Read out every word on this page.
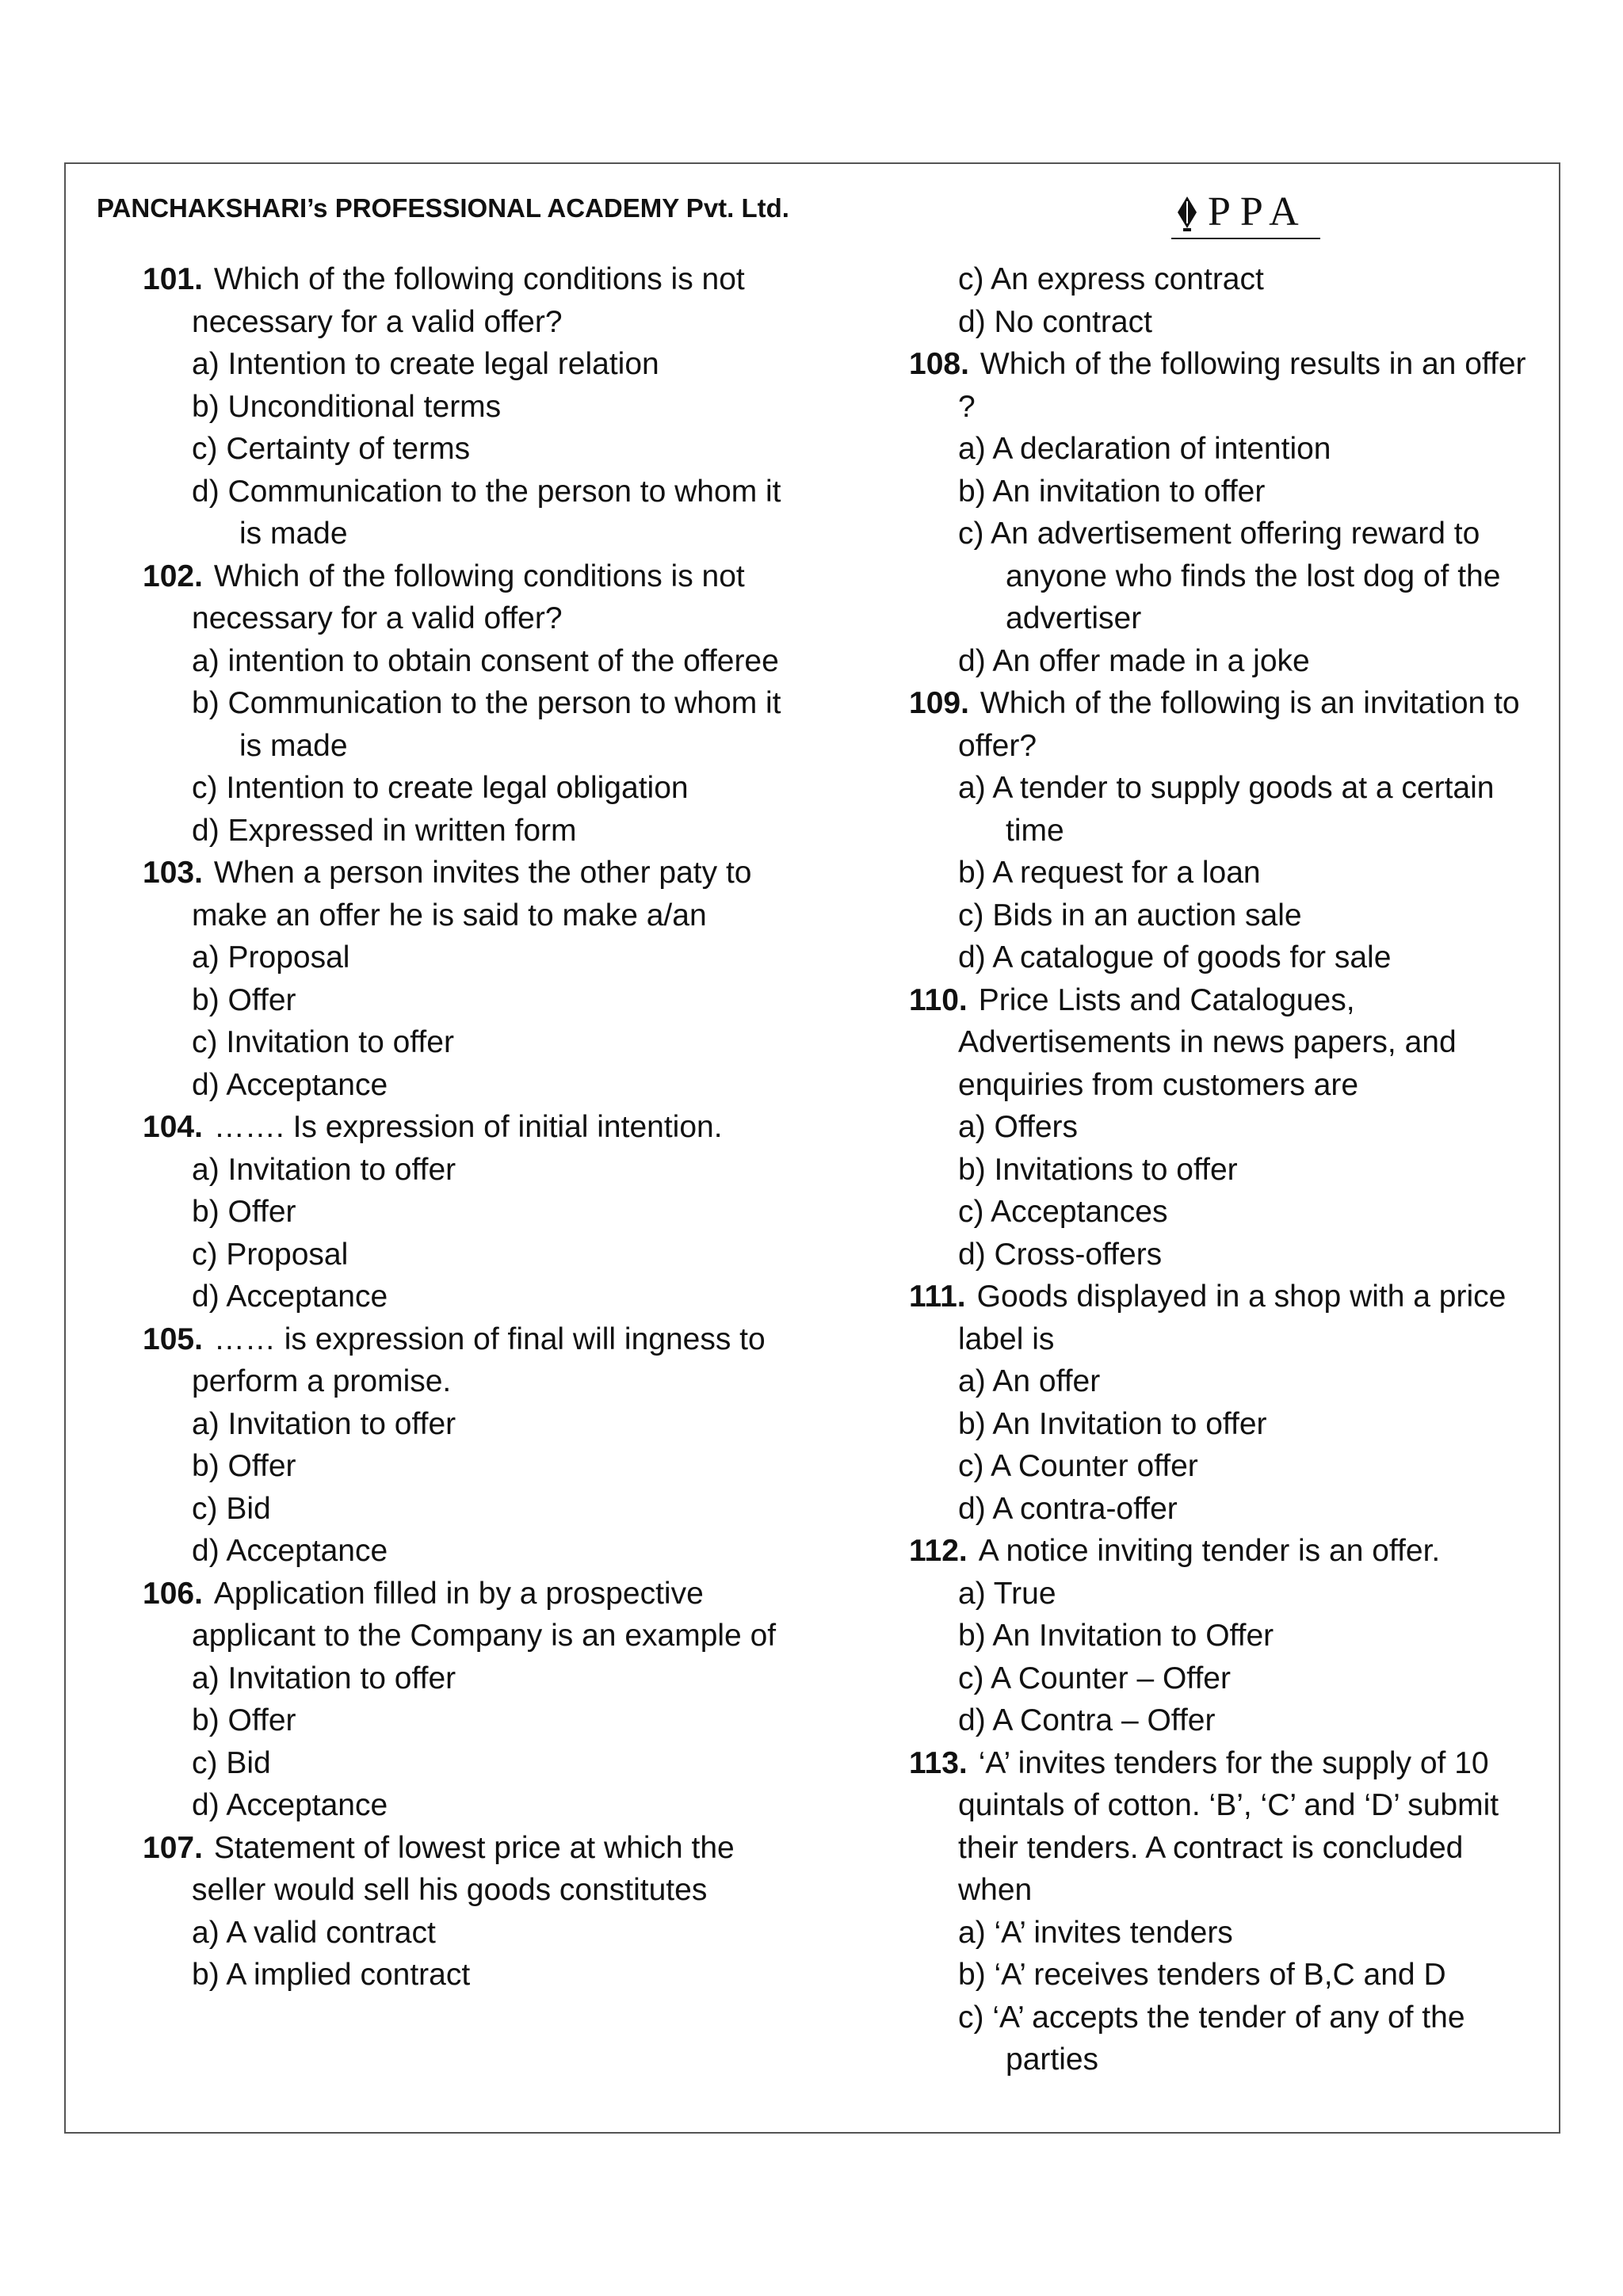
PANCHAKSHARI’s PROFESSIONAL ACADEMY Pvt. Ltd.	PPA

101. Which of the following conditions is not necessary for a valid offer?

a) Intention to create legal relation

b) Unconditional terms

c) Certainty of terms

d) Communication to the person to whom it is made

102. Which of the following conditions is not necessary for a valid offer?

a) intention to obtain consent of the offeree

b) Communication to the person to whom it is made

c) Intention to create legal obligation

d) Expressed in written form

103. When a person invites the other paty to make an offer he is said to make a/an

a) Proposal

b) Offer

c) Invitation to offer

d) Acceptance

104. ……. Is expression of initial intention.

a) Invitation to offer

b) Offer

c) Proposal

d) Acceptance

105. …… is expression of final will ingness to perform a promise.

a) Invitation to offer

b) Offer

c) Bid

d) Acceptance

106. Application filled in by a prospective applicant to the Company is an example of

a) Invitation to offer

b) Offer

c) Bid

d) Acceptance

107. Statement of lowest price at which the seller would sell his goods constitutes

a) A valid contract

b) A implied contract

c) An express contract

d) No contract

108. Which of the following results in an offer ?

a) A declaration of intention

b) An invitation to offer

c) An advertisement offering reward to anyone who finds the lost dog of the advertiser

d) An offer made in a joke

109. Which of the following is an invitation to offer?

a) A tender to supply goods at a certain time

b) A request for a loan

c) Bids in an auction sale

d) A catalogue of goods for sale

110. Price Lists and Catalogues, Advertisements in news papers, and enquiries from customers are

a) Offers

b) Invitations to offer

c) Acceptances

d) Cross-offers

111. Goods displayed in a shop with a price label is

a) An offer

b) An Invitation to offer

c) A Counter offer

d) A contra-offer

112. A notice inviting tender is an offer.

a) True

b) An Invitation to Offer

c) A Counter – Offer

d) A Contra – Offer

113. ‘A’ invites tenders for the supply of 10 quintals of cotton. ‘B’, ‘C’ and ‘D’ submit their tenders. A contract is concluded when

a) ‘A’ invites tenders

b) ‘A’ receives tenders of B,C and D

c) ‘A’ accepts the tender of any of the parties
